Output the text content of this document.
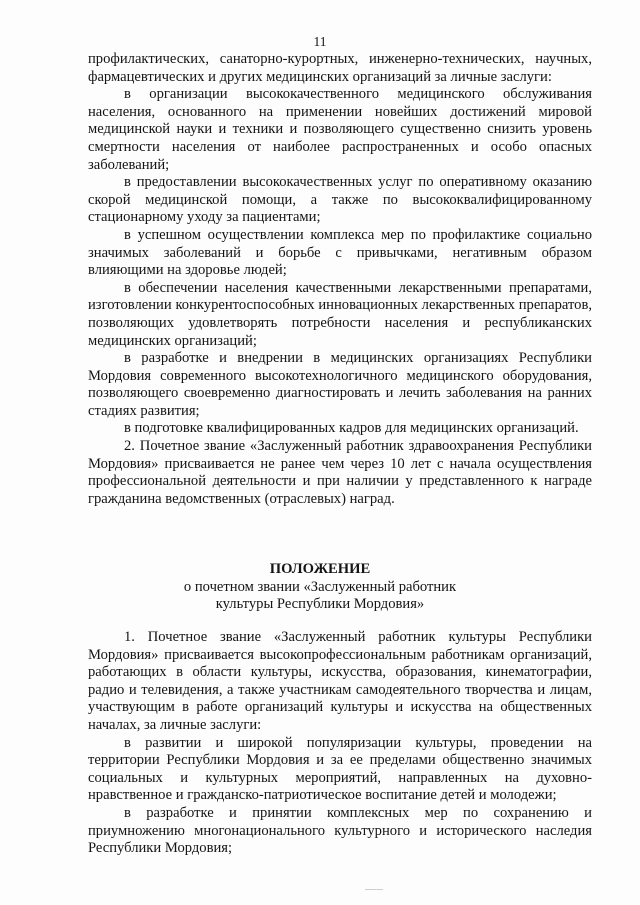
11

профилактических, санаторно-курортных, инженерно-технических, научных, фармацевтических и других медицинских организаций за личные заслуги:

в организации высококачественного медицинского обслуживания населения, основанного на применении новейших достижений мировой медицинской науки и техники и позволяющего существенно снизить уровень смертности населения от наиболее распространенных и особо опасных заболеваний;

в предоставлении высококачественных услуг по оперативному оказанию скорой медицинской помощи, а также по высококвалифицированному стационарному уходу за пациентами;

в успешном осуществлении комплекса мер по профилактике социально значимых заболеваний и борьбе с привычками, негативным образом влияющими на здоровье людей;

в обеспечении населения качественными лекарственными препаратами, изготовлении конкурентоспособных инновационных лекарственных препаратов, позволяющих удовлетворять потребности населения и республиканских медицинских организаций;

в разработке и внедрении в медицинских организациях Республики Мордовия современного высокотехнологичного медицинского оборудования, позволяющего своевременно диагностировать и лечить заболевания на ранних стадиях развития;

в подготовке квалифицированных кадров для медицинских организаций.

2. Почетное звание «Заслуженный работник здравоохранения Республики Мордовия» присваивается не ранее чем через 10 лет с начала осуществления профессиональной деятельности и при наличии у представленного к награде гражданина ведомственных (отраслевых) наград.

ПОЛОЖЕНИЕ
о почетном звании «Заслуженный работник
культуры Республики Мордовия»

1. Почетное звание «Заслуженный работник культуры Республики Мордовия» присваивается высокопрофессиональным работникам организаций, работающих в области культуры, искусства, образования, кинематографии, радио и телевидения, а также участникам самодеятельного творчества и лицам, участвующим в работе организаций культуры и искусства на общественных началах, за личные заслуги:

в развитии и широкой популяризации культуры, проведении на территории Республики Мордовия и за ее пределами общественно значимых социальных и культурных мероприятий, направленных на духовно-нравственное и гражданско-патриотическое воспитание детей и молодежи;

в разработке и принятии комплексных мер по сохранению и приумножению многонационального культурного и исторического наследия Республики Мордовия;
